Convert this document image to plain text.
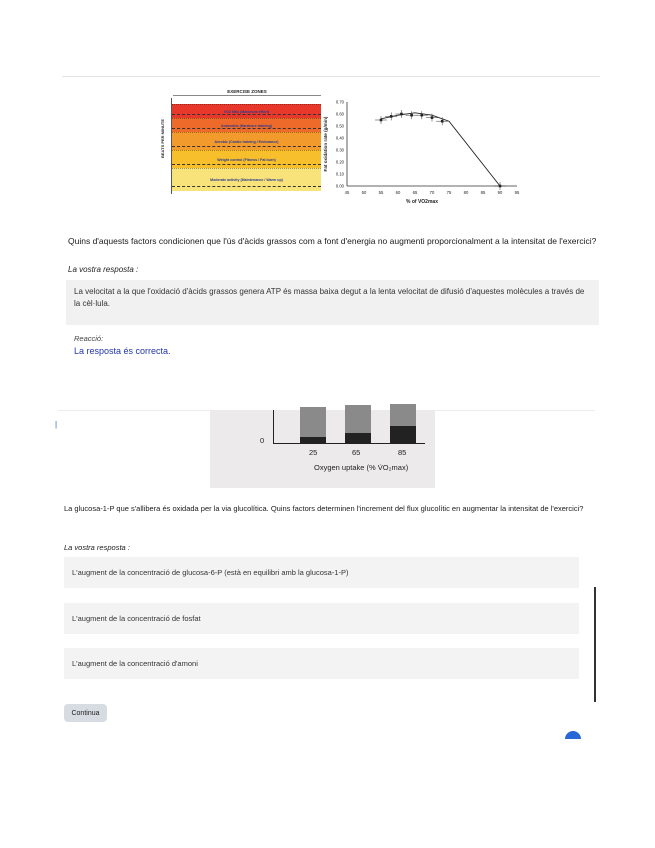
EXERCISE ZONES
BEATS PER MINUTE
VO2 Max (Maximum effort)
Anaerobic (Hardcore training)
Aerobic (Cardio training / Endurance)
Weight control (Fitness / Fat burn)
Moderate activity (Maintenance / Warm up)
45	50	55	60	65	70	75	80	85	90	95
0.00
0.10
0.20
0.30
0.40
0.50
0.60
0.70
% of VO2max
Fat oxidation rate (g/min)
Quins d'aquests factors condicionen que l'ús d'àcids grassos com a font d'energia no augmenti proporcionalment a la intensitat de l'exercici?
La vostra resposta :
La velocitat a la que l'oxidació d'àcids grassos genera ATP és massa baixa degut a la lenta velocitat de difusió d'aquestes molècules a través de la cèl·lula.
Reacció:
La resposta és correcta.
|
0
25	65	85
Oxygen uptake (% V̇O₂max)
La glucosa-1-P que s'allibera és oxidada per la via glucolítica. Quins factors determinen l'increment del flux glucolític en augmentar la intensitat de l'exercici?
La vostra resposta :
L'augment de la concentració de glucosa-6-P (està en equilibri amb la glucosa-1-P)
L'augment de la concentració de fosfat
L'augment de la concentració d'amoni
Continua
